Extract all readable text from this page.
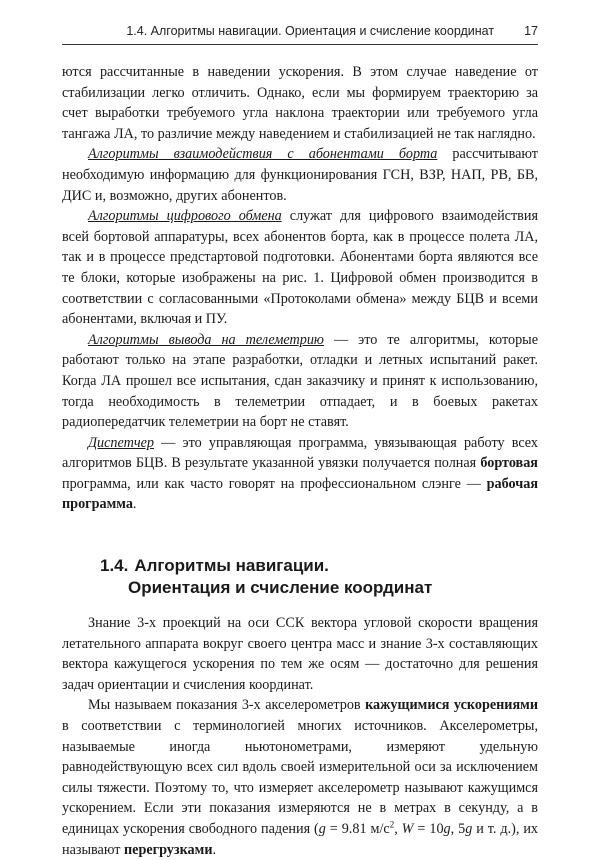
1.4. Алгоритмы навигации. Ориентация и счисление координат 17

ются рассчитанные в наведении ускорения. В этом случае наведение от стабилизации легко отличить. Однако, если мы формируем траекторию за счет выработки требуемого угла наклона траектории или требуемого угла тангажа ЛА, то различие между наведением и стабилизацией не так наглядно.

Алгоритмы взаимодействия с абонентами борта рассчитывают необходимую информацию для функционирования ГСН, ВЗР, НАП, РВ, БВ, ДИС и, возможно, других абонентов.

Алгоритмы цифрового обмена служат для цифрового взаимодействия всей бортовой аппаратуры, всех абонентов борта, как в процессе полета ЛА, так и в процессе предстартовой подготовки. Абонентами борта являются все те блоки, которые изображены на рис. 1. Цифровой обмен производится в соответствии с согласованными «Протоколами обмена» между БЦВ и всеми абонентами, включая и ПУ.

Алгоритмы вывода на телеметрию — это те алгоритмы, которые работают только на этапе разработки, отладки и летных испытаний ракет. Когда ЛА прошел все испытания, сдан заказчику и принят к использованию, тогда необходимость в телеметрии отпадает, и в боевых ракетах радиопередатчик телеметрии на борт не ставят.

Диспетчер — это управляющая программа, увязывающая работу всех алгоритмов БЦВ. В результате указанной увязки получается полная бортовая программа, или как часто говорят на профессиональном слэнге — рабочая программа.

1.4. Алгоритмы навигации.
Ориентация и счисление координат

Знание 3-х проекций на оси ССК вектора угловой скорости вращения летательного аппарата вокруг своего центра масс и знание 3-х составляющих вектора кажущегося ускорения по тем же осям — достаточно для решения задач ориентации и счисления координат.

Мы называем показания 3-х акселерометров кажущимися ускорениями в соответствии с терминологией многих источников. Акселерометры, называемые иногда ньютонометрами, измеряют удельную равнодействующую всех сил вдоль своей измерительной оси за исключением силы тяжести. Поэтому то, что измеряет акселерометр называют кажущимся ускорением. Если эти показания измеряются не в метрах в секунду, а в единицах ускорения свободного падения (g = 9.81 $м/с^2$, W = 10g, 5g и т. д.), их называют перегрузками.
